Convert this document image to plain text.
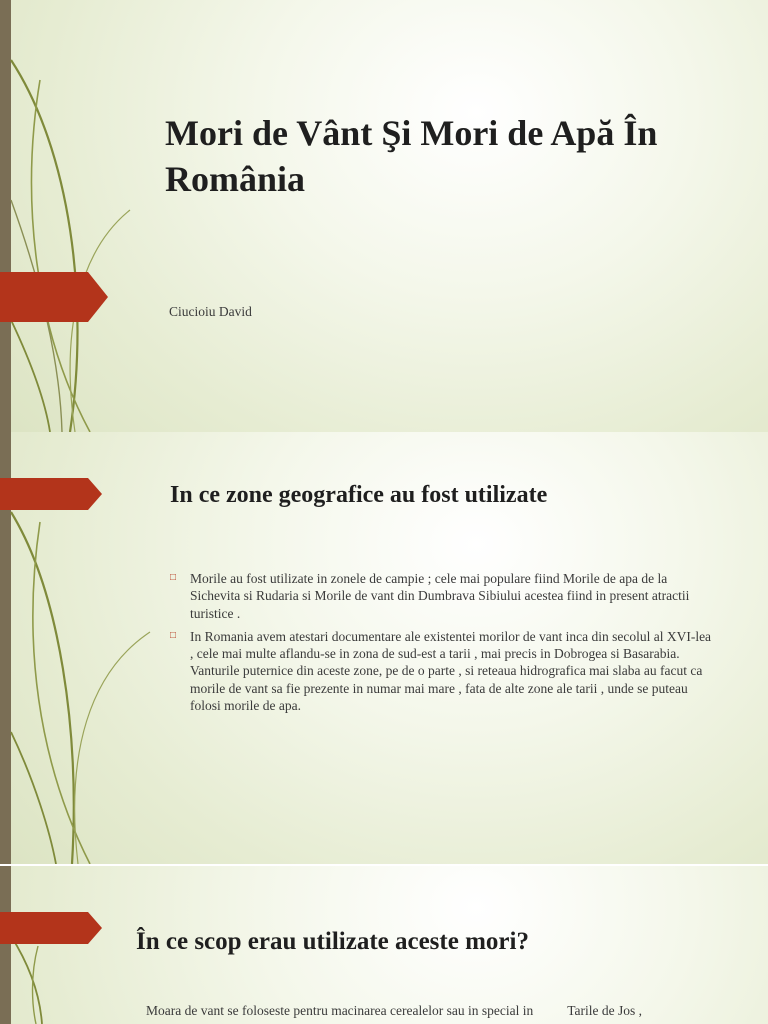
Mori de Vânt Şi Mori de Apă În România
Ciucioiu David
In ce zone geografice au fost utilizate
□ Morile au fost utilizate in zonele de campie ; cele mai populare fiind Morile de apa de la Sichevita si Rudaria si Morile de vant din Dumbrava Sibiului acestea fiind in present atractii turistice .
□ In Romania avem atestari documentare ale existentei morilor de vant inca din secolul al XVI-lea , cele mai multe aflandu-se in zona de sud-est a tarii , mai precis in Dobrogea si Basarabia. Vanturile puternice din aceste zone, pe de o parte , si reteaua hidrografica mai slaba au facut ca morile de vant sa fie prezente in numar mai mare , fata de alte zone ale tarii , unde se puteau folosi morile de apa.
În ce scop erau utilizate aceste mori?

Moara de vant se foloseste pentru macinarea cerealelor sau in special in	Tarile de Jos ,
